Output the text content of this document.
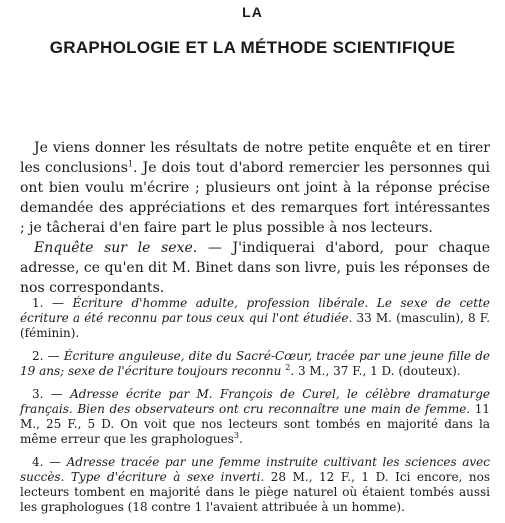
LA
GRAPHOLOGIE ET LA MÉTHODE SCIENTIFIQUE

Je viens donner les résultats de notre petite enquête et en tirer les conclusions$^1$. Je dois tout d'abord remercier les personnes qui ont bien voulu m'écrire ; plusieurs ont joint à la réponse précise demandée des appréciations et des remarques fort intéressantes ; je tâcherai d'en faire part le plus possible à nos lecteurs.

Enquête sur le sexe. — J'indiquerai d'abord, pour chaque adresse, ce qu'en dit M. Binet dans son livre, puis les réponses de nos correspondants.

1. — Écriture d'homme adulte, profession libérale. Le sexe de cette écriture a été reconnu par tous ceux qui l'ont étudiée. 33 M. (masculin), 8 F. (féminin).

2. — Écriture anguleuse, dite du Sacré-Cœur, tracée par une jeune fille de 19 ans; sexe de l'écriture toujours reconnu $^2$. 3 M., 37 F., 1 D. (douteux).

3. — Adresse écrite par M. François de Curel, le célèbre dramaturge français. Bien des observateurs ont cru reconnaître une main de femme. 11 M., 25 F., 5 D. On voit que nos lecteurs sont tombés en majorité dans la même erreur que les graphologues$^3$.

4. — Adresse tracée par une femme instruite cultivant les sciences avec succès. Type d'écriture à sexe inverti. 28 M., 12 F., 1 D. Ici encore, nos lecteurs tombent en majorité dans le piège naturel où étaient tombés aussi les graphologues (18 contre 1 l'avaient attribuée à un homme).
